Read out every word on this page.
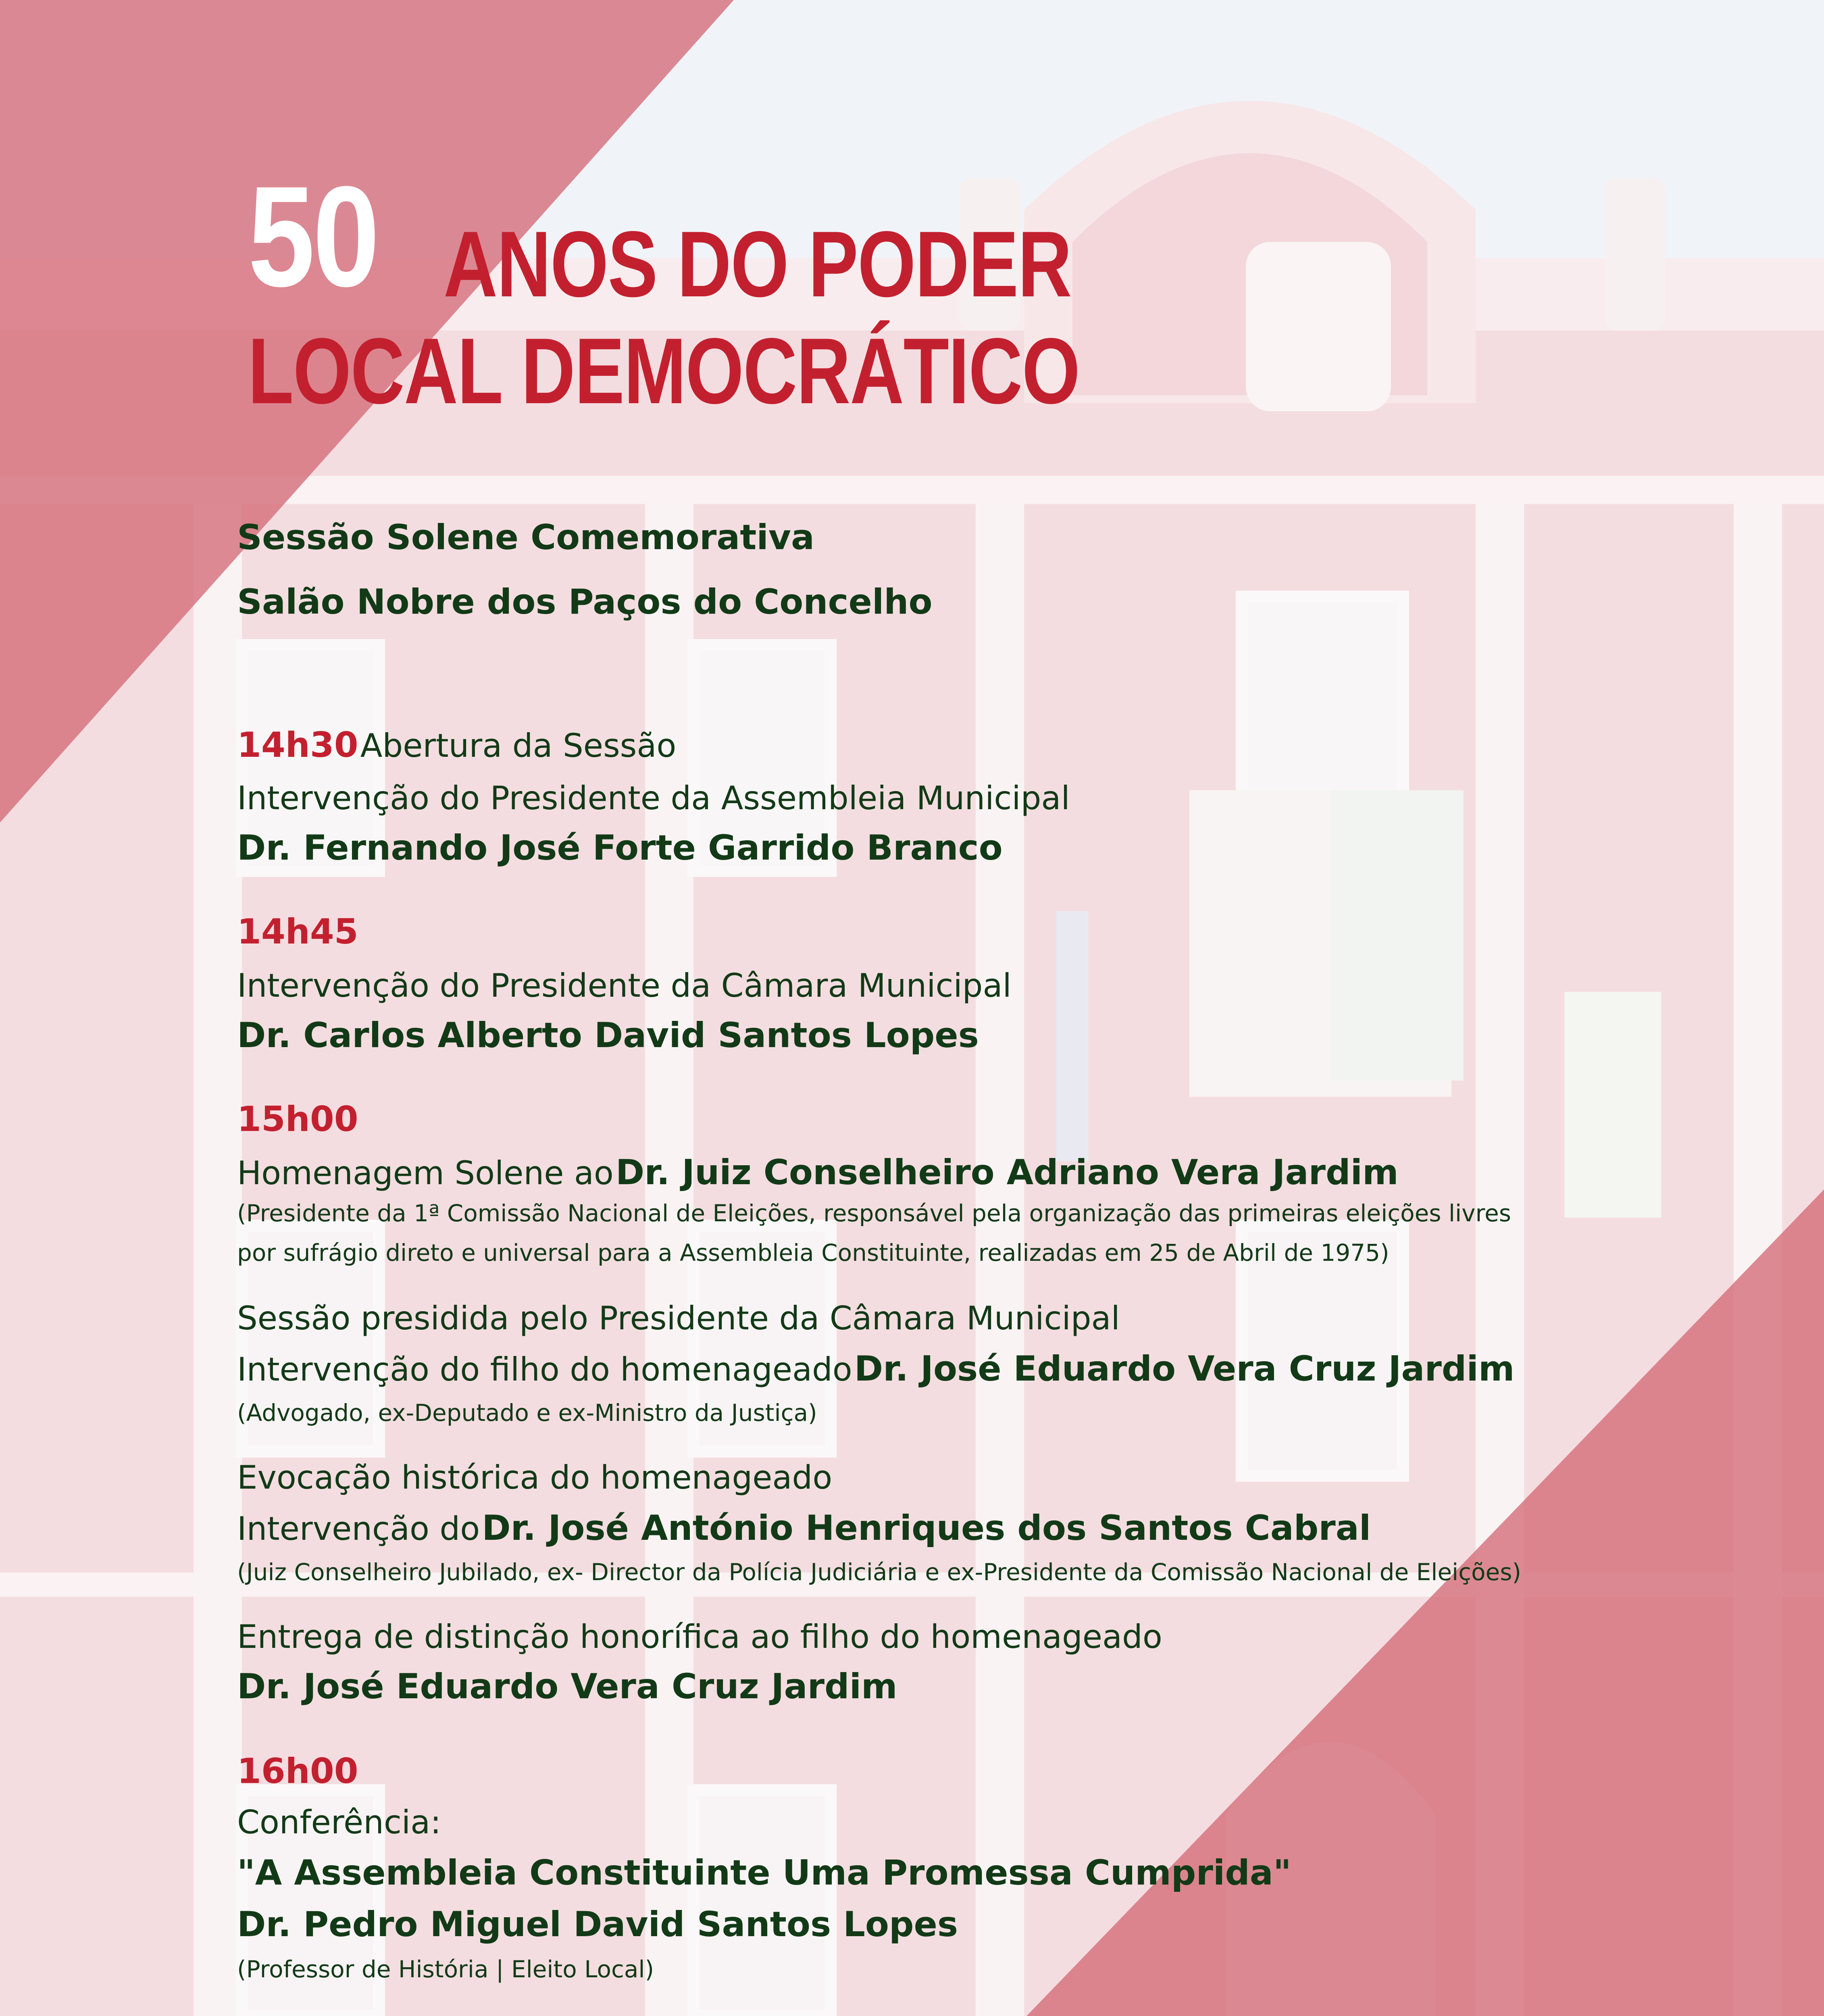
50 ANOS DO PODER
LOCAL DEMOCRÁTICO
Sessão Solene Comemorativa
Salão Nobre dos Paços do Concelho
14h30 Abertura da Sessão
Intervenção do Presidente da Assembleia Municipal
Dr. Fernando José Forte Garrido Branco
14h45
Intervenção do Presidente da Câmara Municipal
Dr. Carlos Alberto David Santos Lopes
15h00
Homenagem Solene ao Dr. Juiz Conselheiro Adriano Vera Jardim
(Presidente da 1ª Comissão Nacional de Eleições, responsável pela organização das primeiras eleições livres
por sufrágio direto e universal para a Assembleia Constituinte, realizadas em 25 de Abril de 1975)
Sessão presidida pelo Presidente da Câmara Municipal
Intervenção do filho do homenageado Dr. José Eduardo Vera Cruz Jardim
(Advogado, ex-Deputado e ex-Ministro da Justiça)
Evocação histórica do homenageado
Intervenção do Dr. José António Henriques dos Santos Cabral
(Juiz Conselheiro Jubilado, ex- Director da Polícia Judiciária e ex-Presidente da Comissão Nacional de Eleições)
Entrega de distinção honorífica ao filho do homenageado
Dr. José Eduardo Vera Cruz Jardim
16h00
Conferência:
"A Assembleia Constituinte Uma Promessa Cumprida"
Dr. Pedro Miguel David Santos Lopes
(Professor de História | Eleito Local)
